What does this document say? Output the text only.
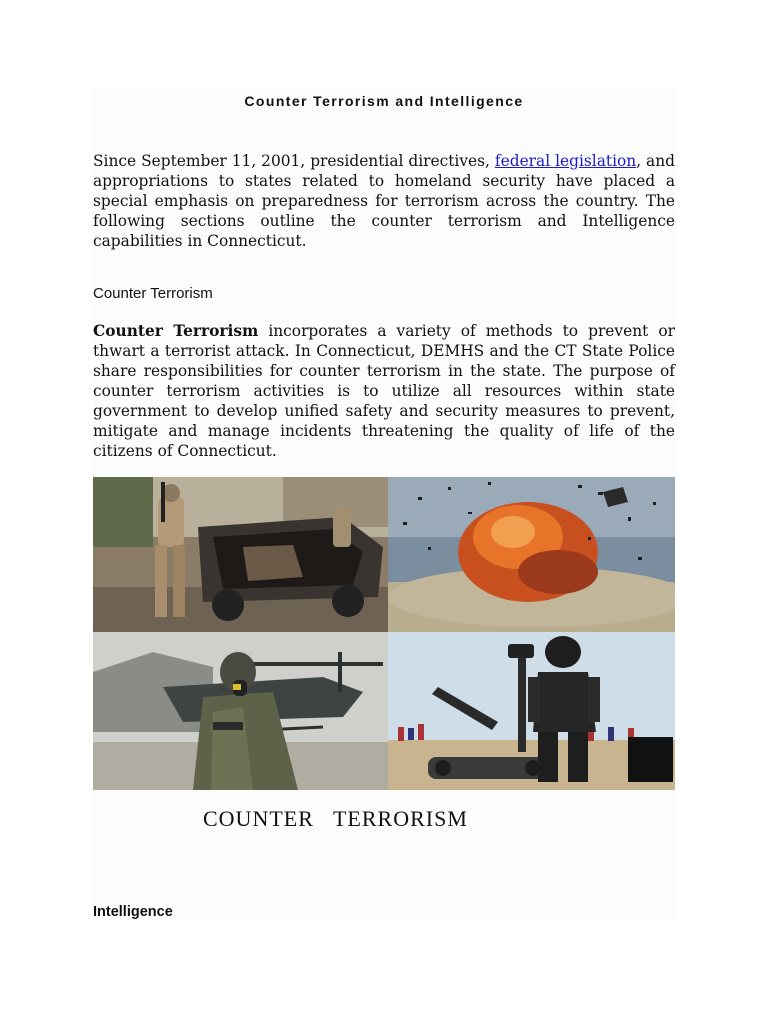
Counter Terrorism and Intelligence

Since September 11, 2001, presidential directives, federal legislation, and appropriations to states related to homeland security have placed a special emphasis on preparedness for terrorism across the country. The following sections outline the counter terrorism and Intelligence capabilities in Connecticut.

Counter Terrorism

Counter Terrorism incorporates a variety of methods to prevent or thwart a terrorist attack. In Connecticut, DEMHS and the CT State Police share responsibilities for counter terrorism in the state. The purpose of counter terrorism activities is to utilize all resources within state government to develop unified safety and security measures to prevent, mitigate and manage incidents threatening the quality of life of the citizens of Connecticut.

COUNTER   TERRORISM

Intelligence
